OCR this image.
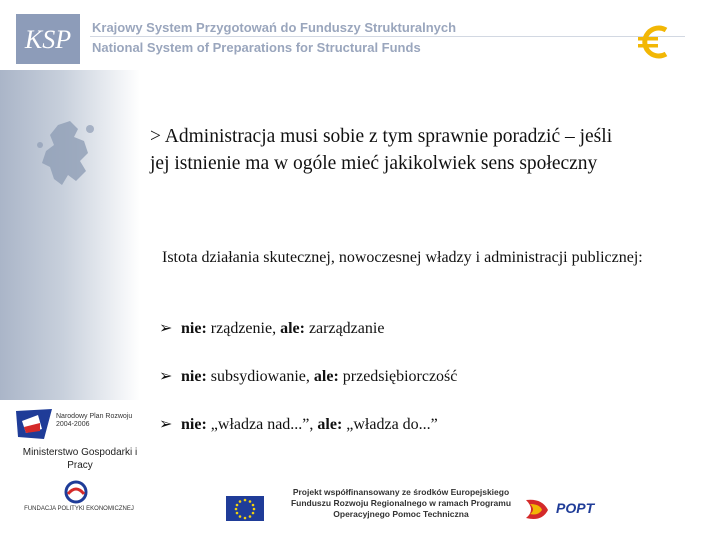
KSP Krajowy System Przygotowań do Funduszy Strukturalnych
National System of Preparations for Structural Funds
> Administracja musi sobie z tym sprawnie poradzić – jeśli jej istnienie ma w ogóle mieć jakikolwiek sens społeczny
Istota działania skutecznej, nowoczesnej władzy i administracji publicznej:
➢ nie: rządzenie, ale: zarządzanie
➢ nie: subsydiowanie, ale: przedsiębiorczość
➢ nie: „władza nad...”, ale: „władza do...”
Narodowy Plan Rozwoju 2004-2006
Ministerstwo Gospodarki i Pracy
FUNDACJA POLITYKI EKONOMICZNEJ
Projekt współfinansowany ze środków Europejskiego Funduszu Rozwoju Regionalnego w ramach Programu Operacyjnego Pomoc Techniczna	POPT
